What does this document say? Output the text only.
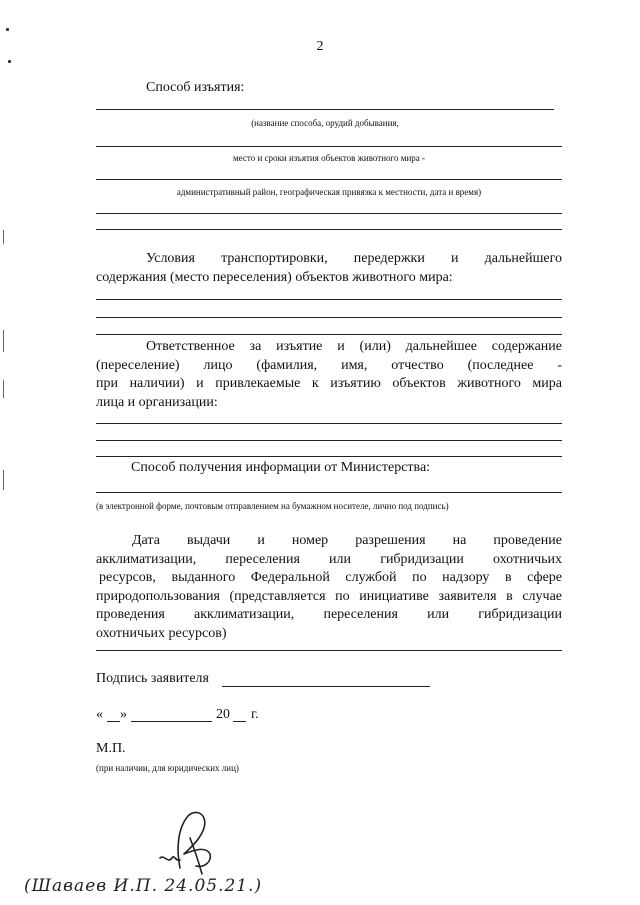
2
Способ изъятия:
(название способа, орудий добывания,
место и сроки изъятия объектов животного мира -
административный район, географическая привязка к местности, дата и время)
Условия транспортировки, передержки и дальнейшего
содержания (место переселения) объектов животного мира:
Ответственное за изъятие и (или) дальнейшее содержание
(переселение) лицо (фамилия, имя, отчество (последнее -
при наличии) и привлекаемые к изъятию объектов животного мира
лица и организации:
Способ получения информации от Министерства:
(в электронной форме, почтовым отправлением на бумажном носителе, лично под подпись)
Дата выдачи и номер разрешения на проведение
акклиматизации, переселения или гибридизации охотничьих
ресурсов, выданного Федеральной службой по надзору в сфере
природопользования (представляется по инициативе заявителя в случае
проведения акклиматизации, переселения или гибридизации
охотничьих ресурсов)
Подпись заявителя
« »	20 г.
М.П.
(при наличии, для юридических лиц)
(Шаваев И.П. 24.05.21.)
